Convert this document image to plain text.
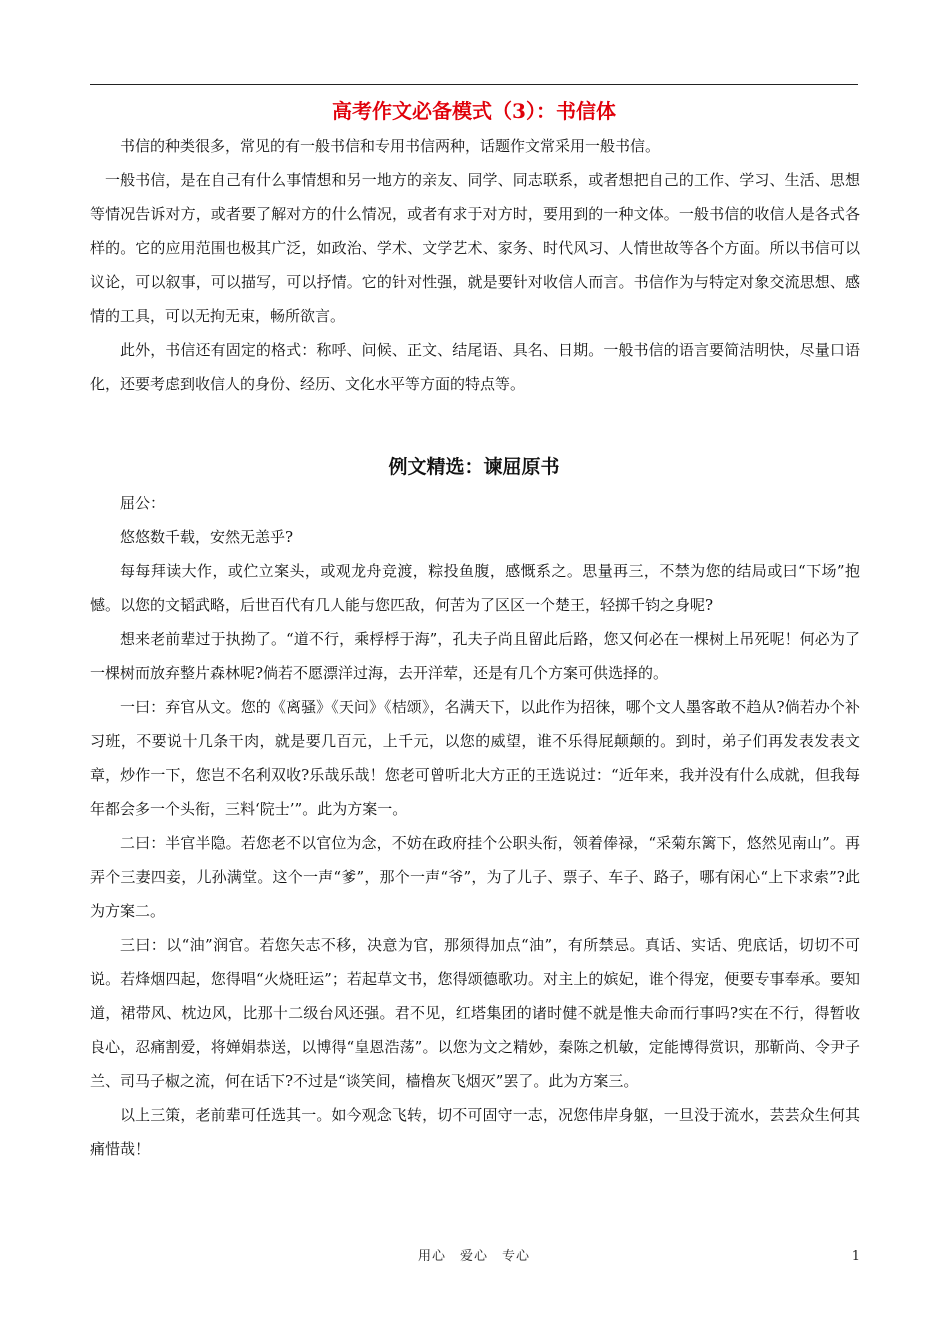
高考作文必备模式（3）：书信体

书信的种类很多，常见的有一般书信和专用书信两种，话题作文常采用一般书信。

一般书信，是在自己有什么事情想和另一地方的亲友、同学、同志联系，或者想把自己的工作、学习、生活、思想等情况告诉对方，或者要了解对方的什么情况，或者有求于对方时，要用到的一种文体。一般书信的收信人是各式各样的。它的应用范围也极其广泛，如政治、学术、文学艺术、家务、时代风习、人情世故等各个方面。所以书信可以议论，可以叙事，可以描写，可以抒情。它的针对性强，就是要针对收信人而言。书信作为与特定对象交流思想、感情的工具，可以无拘无束，畅所欲言。

此外，书信还有固定的格式：称呼、问候、正文、结尾语、具名、日期。一般书信的语言要简洁明快，尽量口语化，还要考虑到收信人的身份、经历、文化水平等方面的特点等。

例文精选：谏屈原书

屈公：

悠悠数千载，安然无恙乎?

每每拜读大作，或伫立案头，或观龙舟竞渡，粽投鱼腹，感慨系之。思量再三，不禁为您的结局或曰“下场”抱憾。以您的文韬武略，后世百代有几人能与您匹敌，何苦为了区区一个楚王，轻掷千钧之身呢?

想来老前辈过于执拗了。“道不行，乘桴桴于海”，孔夫子尚且留此后路，您又何必在一棵树上吊死呢！何必为了一棵树而放弃整片森林呢?倘若不愿漂洋过海，去开洋荤，还是有几个方案可供选择的。

一曰：弃官从文。您的《离骚》《天问》《桔颂》，名满天下，以此作为招徕，哪个文人墨客敢不趋从?倘若办个补习班，不要说十几条干肉，就是要几百元，上千元，以您的威望，谁不乐得屁颠颠的。到时，弟子们再发表发表文章，炒作一下，您岂不名利双收?乐哉乐哉！您老可曾听北大方正的王选说过：“近年来，我并没有什么成就，但我每年都会多一个头衔，三料‘院士’”。此为方案一。

二曰：半官半隐。若您老不以官位为念，不妨在政府挂个公职头衔，领着俸禄，“采菊东篱下，悠然见南山”。再弄个三妻四妾，儿孙满堂。这个一声“爹”，那个一声“爷”，为了儿子、票子、车子、路子，哪有闲心“上下求索”?此为方案二。

三曰：以“油”润官。若您矢志不移，决意为官，那须得加点“油”，有所禁忌。真话、实话、兜底话，切切不可说。若烽烟四起，您得唱“火烧旺运”；若起草文书，您得颂德歌功。对主上的嫔妃，谁个得宠，便要专事奉承。要知道，裙带风、枕边风，比那十二级台风还强。君不见，红塔集团的诸时健不就是惟夫命而行事吗?实在不行，得暂收良心，忍痛割爱，将婵娟恭送，以博得“皇恩浩荡”。以您为文之精妙，秦陈之机敏，定能博得赏识，那靳尚、令尹子兰、司马子椒之流，何在话下?不过是“谈笑间，樯橹灰飞烟灭”罢了。此为方案三。

以上三策，老前辈可任选其一。如今观念飞转，切不可固守一志，况您伟岸身躯，一旦没于流水，芸芸众生何其痛惜哉！

用心　爱心　专心	1
